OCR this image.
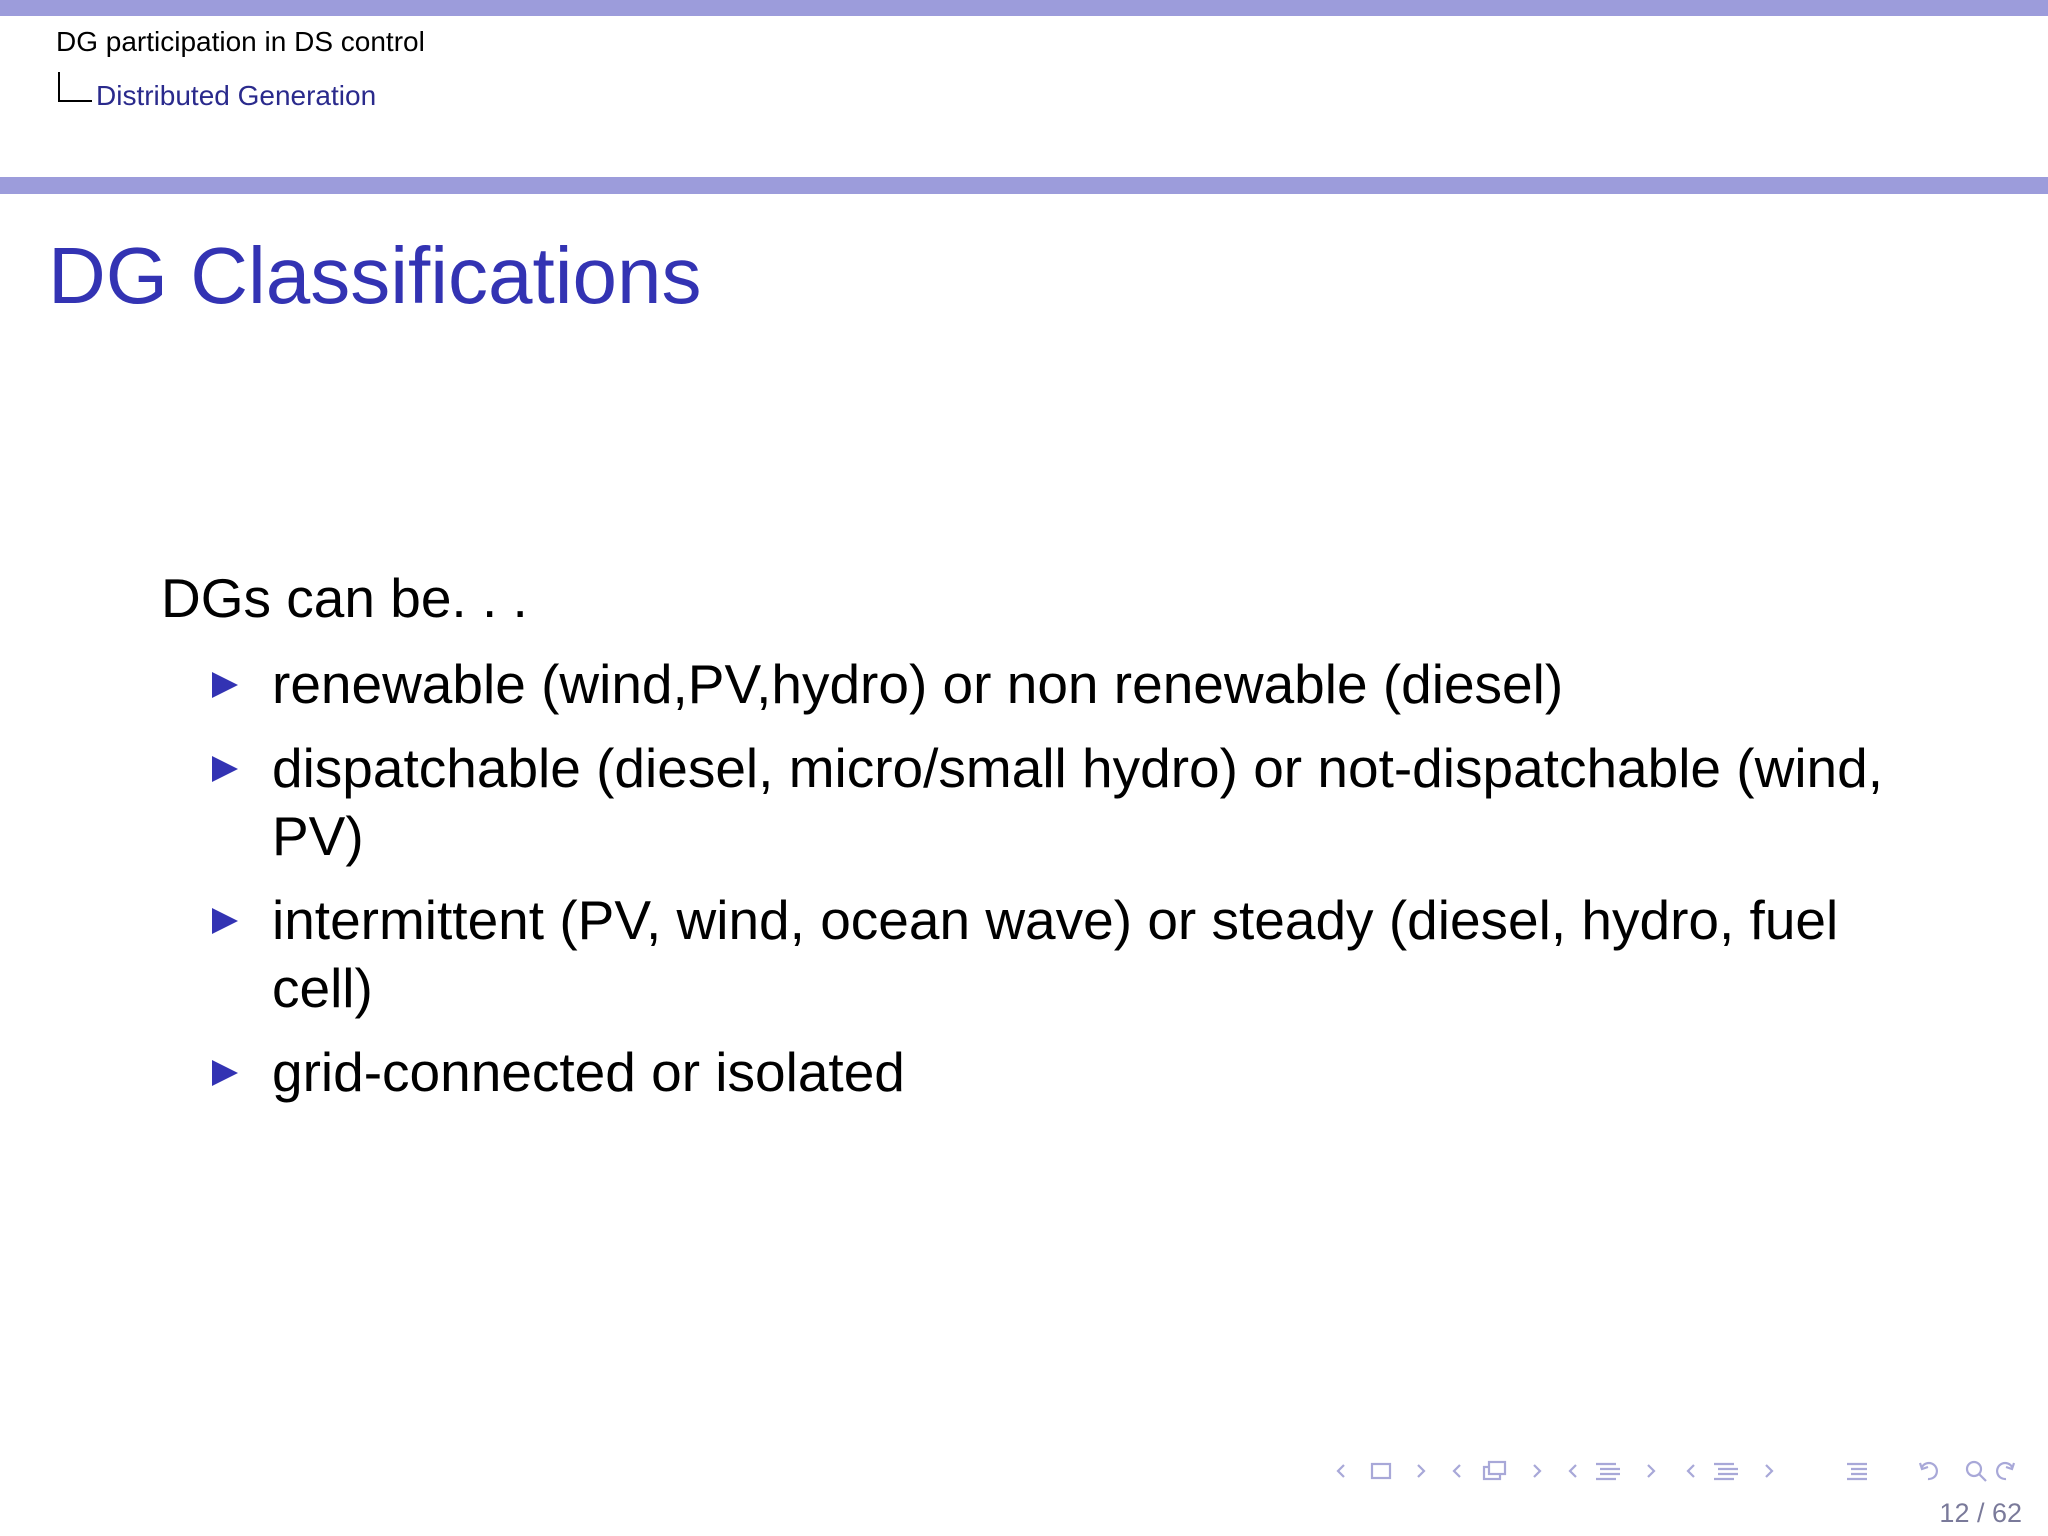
DG participation in DS control
Distributed Generation
DG Classifications
DGs can be. . .
renewable (wind,PV,hydro) or non renewable (diesel)
dispatchable (diesel, micro/small hydro) or not-dispatchable (wind, PV)
intermittent (PV, wind, ocean wave) or steady (diesel, hydro, fuel cell)
grid-connected or isolated
12 / 62
